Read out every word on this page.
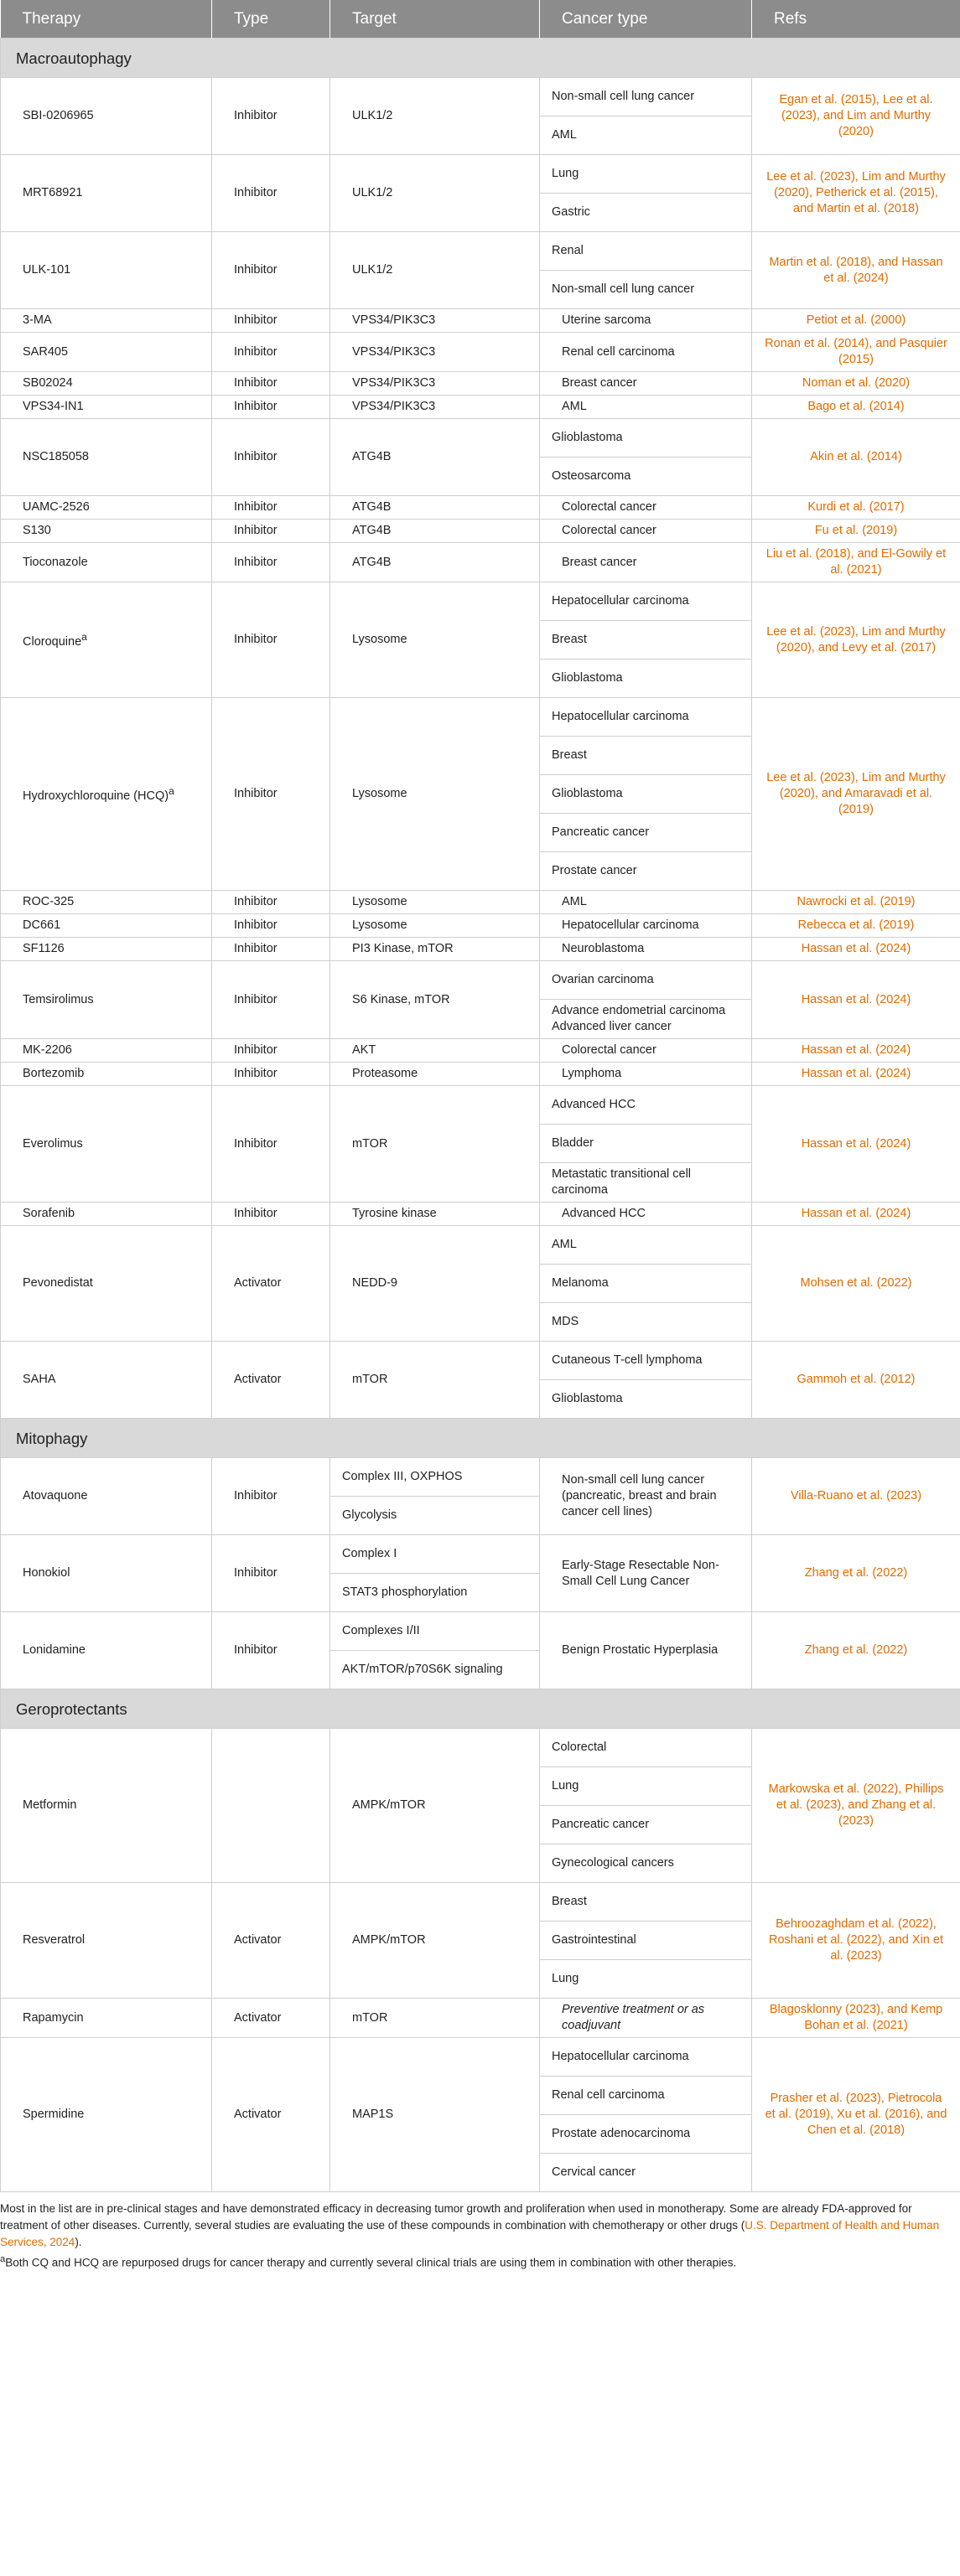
Therapy	Type	Target	Cancer type	Refs
Macroautophagy				
SBI-0206965	Inhibitor	ULK1/2	Non-small cell lung cancer	Egan et al. (2015), Lee et al. (2023), and Lim and Murthy (2020)
			AML	
MRT68921	Inhibitor	ULK1/2	Lung	Lee et al. (2023), Lim and Murthy (2020), Petherick et al. (2015), and Martin et al. (2018)
			Gastric	
ULK-101	Inhibitor	ULK1/2	Renal	Martin et al. (2018), and Hassan et al. (2024)
			Non-small cell lung cancer	
3-MA	Inhibitor	VPS34/PIK3C3	Uterine sarcoma	Petiot et al. (2000)
SAR405	Inhibitor	VPS34/PIK3C3	Renal cell carcinoma	Ronan et al. (2014), and Pasquier (2015)
SB02024	Inhibitor	VPS34/PIK3C3	Breast cancer	Noman et al. (2020)
VPS34-IN1	Inhibitor	VPS34/PIK3C3	AML	Bago et al. (2014)
NSC185058	Inhibitor	ATG4B	Glioblastoma	Akin et al. (2014)
			Osteosarcoma	
UAMC-2526	Inhibitor	ATG4B	Colorectal cancer	Kurdi et al. (2017)
S130	Inhibitor	ATG4B	Colorectal cancer	Fu et al. (2019)
Tioconazole	Inhibitor	ATG4B	Breast cancer	Liu et al. (2018), and El-Gowily et al. (2021)
Cloroquine$^a$	Inhibitor	Lysosome	Hepatocellular carcinoma	Lee et al. (2023), Lim and Murthy (2020), and Levy et al. (2017)
			Breast	
			Glioblastoma	
Hydroxychloroquine (HCQ)$^a$	Inhibitor	Lysosome	Hepatocellular carcinoma	Lee et al. (2023), Lim and Murthy (2020), and Amaravadi et al. (2019)
			Breast	
			Glioblastoma	
			Pancreatic cancer	
			Prostate cancer	
ROC-325	Inhibitor	Lysosome	AML	Nawrocki et al. (2019)
DC661	Inhibitor	Lysosome	Hepatocellular carcinoma	Rebecca et al. (2019)
SF1126	Inhibitor	PI3 Kinase, mTOR	Neuroblastoma	Hassan et al. (2024)
Temsirolimus	Inhibitor	S6 Kinase, mTOR	Ovarian carcinoma	Hassan et al. (2024)
			Advance endometrial carcinoma Advanced liver cancer	
MK-2206	Inhibitor	AKT	Colorectal cancer	Hassan et al. (2024)
Bortezomib	Inhibitor	Proteasome	Lymphoma	Hassan et al. (2024)
Everolimus	Inhibitor	mTOR	Advanced HCC	Hassan et al. (2024)
			Bladder	
			Metastatic transitional cell carcinoma	
Sorafenib	Inhibitor	Tyrosine kinase	Advanced HCC	Hassan et al. (2024)
Pevonedistat	Activator	NEDD-9	AML	Mohsen et al. (2022)
			Melanoma	
			MDS	
SAHA	Activator	mTOR	Cutaneous T-cell lymphoma	Gammoh et al. (2012)
			Glioblastoma	
Mitophagy				
Atovaquone	Inhibitor	Complex III, OXPHOS	Non-small cell lung cancer (pancreatic, breast and brain cancer cell lines)	Villa-Ruano et al. (2023)
		Glycolysis		
Honokiol	Inhibitor	Complex I	Early-Stage Resectable Non-Small Cell Lung Cancer	Zhang et al. (2022)
		STAT3 phosphorylation		
Lonidamine	Inhibitor	Complexes I/II	Benign Prostatic Hyperplasia	Zhang et al. (2022)
		AKT/mTOR/p70S6K signaling		
Geroprotectants				
Metformin		AMPK/mTOR	Colorectal	Markowska et al. (2022), Phillips et al. (2023), and Zhang et al. (2023)
			Lung	
			Pancreatic cancer	
			Gynecological cancers	
Resveratrol	Activator	AMPK/mTOR	Breast	Behroozaghdam et al. (2022), Roshani et al. (2022), and Xin et al. (2023)
			Gastrointestinal	
			Lung	
Rapamycin	Activator	mTOR	Preventive treatment or as coadjuvant	Blagosklonny (2023), and Kemp Bohan et al. (2021)
Spermidine	Activator	MAP1S	Hepatocellular carcinoma	Prasher et al. (2023), Pietrocola et al. (2019), Xu et al. (2016), and Chen et al. (2018)
			Renal cell carcinoma	
			Prostate adenocarcinoma	
			Cervical cancer	

Most in the list are in pre-clinical stages and have demonstrated efficacy in decreasing tumor growth and proliferation when used in monotherapy. Some are already FDA-approved for treatment of other diseases. Currently, several studies are evaluating the use of these compounds in combination with chemotherapy or other drugs (U.S. Department of Health and Human Services, 2024).

$^a$Both CQ and HCQ are repurposed drugs for cancer therapy and currently several clinical trials are using them in combination with other therapies.
